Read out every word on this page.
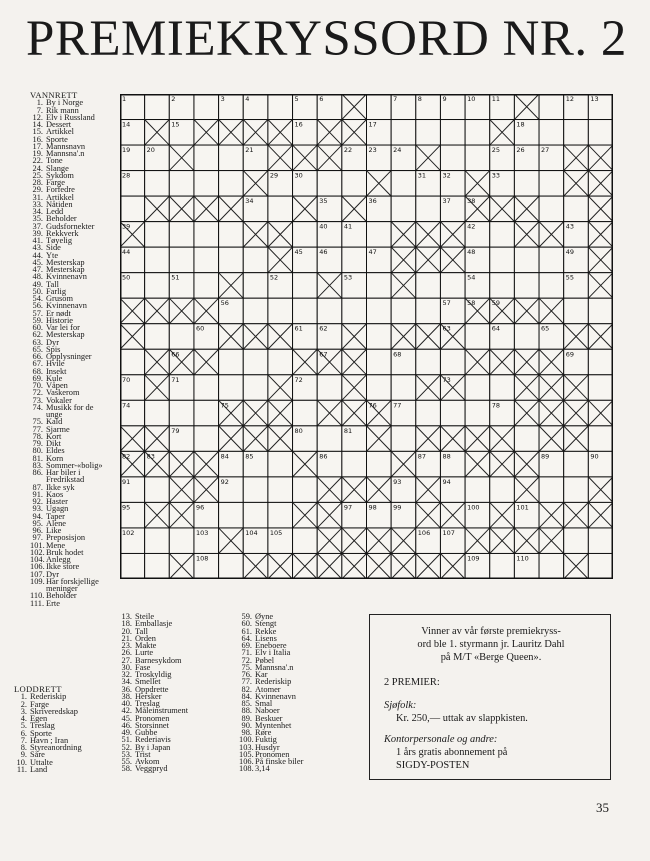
PREMIEKRYSSORD NR. 2
1	2	3	4	5	6	7	8	9	10	11	12	13
14	15	16	17	18
19	20	21	22	23	24	25	26	27
28	29	30	31	32	33
34	35	36	37	38
39	40	41	42	43
44	45	46	47	48	49
50	51	52	53	54	55
56	57	58	59
60	61	62	63	64	65
66	67	68	69
70	71	72	73
74	75	76	77	78
79	80	81
82	83	84	85	86	87	88	89	90
91	92	93	94
95	96	97	98	99	100	101
102	103	104 105	106 107
108	109	110
VANNRETT
1. By i Norge
7. Rik mann
12. Elv i Russland
14. Dessert
15. Artikkel
16. Sporte
17. Mannsnavn
19. Mannsna'.n
22. Tone
24. Slange
25. Sykdom
28. Farge
29. Forfedre
31. Artikkel
33. Nåtiden
34. Ledd
35. Beholder
37. Gudsfornekter
39. Rekkverk
41. Tøyelig
43. Side
44. Yte
45. Mesterskap
47. Mesterskap
48. Kvinnenavn
49. Tall
50. Farlig
54. Grusom
56. Kvinnenavn
57. Er nødt
59. Historie
60. Var lei for
62. Mesterskap
63. Dyr
65. Spis
66. Opplysninger
67. Hvile
68. Insekt
69. Kule
70. Våpen
72. Vaskerom
73. Vokaler
74. Musikk for de
unge
75. Kald
77. Sjarme
78. Kort
79. Dikt
80. Eldes
81. Korn
83. Sommer-«bolig»
86. Har biler i
Fredrikstad
87. Ikke syk
91. Kaos
92. Haster
93. Ugagn
94. Taper
95. Alene
96. Like
97. Preposisjon
101.Mene
102.Bruk hodet
104.Anlegg
106.Ikke store
107.Dyr
109.Har forskjellige
meninger
110. Beholder
111. Erte
LODDRETT
1. Rederiskip
2. Farge
3. Skriveredskap
4. Egen
5. Treslag
6. Sporte
7. Havn ; Iran
8. Styreanordning
9. Såre
10. Uttalte
11. Land
13. Steile
18. Emballasje
20. Tall
21. Orden
23. Makte
26. Lurte
27. Barnesykdom
30. Fase
32. Troskyldig
34. Smellet
36. Oppdrette
38. Hersker
40. Treslag
42. Måleinstrument
45. Pronomen
46. Storsinnet
49. Gubbe
51. Rederiavis
52. By i Japan
53. Trist
55. Avkom
58. Veggpryd
59. Øyne
60. Stengt
61. Rekke
64. Lisens
69. Eneboere
71. Elv i Italia
72. Pøbel
75. Mannsna'.n
76. Kar
77. Rederiskip
82. Atomer
84. Kvinnenavn
85. Smal
88. Naboer
89. Beskuer
90. Myntenhet
98. Røre
100.Fuktig
103.Husdyr
105.Pronomen
106.På finske biler
108.3,14
Vinner av vår første premiekryss-
ord ble 1. styrmann jr. Lauritz Dahl
på M/T «Berge Queen».
2 PREMIER:
Sjøfolk:
Kr. 250,— uttak av slappkisten.
Kontorpersonale og andre:
1 års gratis abonnement på
SIGDY-POSTEN
35
